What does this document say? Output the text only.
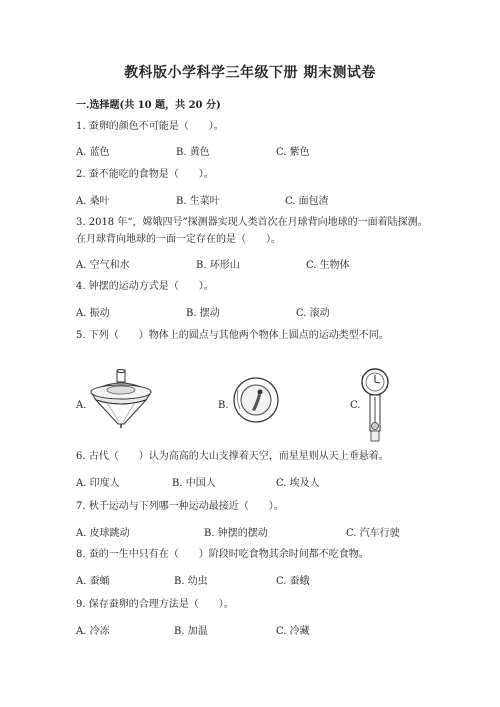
教科版小学科学三年级下册 期末测试卷
一.选择题(共 10 题，共 20 分)
1. 蚕卵的颜色不可能是（　　）。
A. 蓝色	B. 黄色	C. 紫色
2. 蚕不能吃的食物是（　　）。
A. 桑叶	B. 生菜叶	C. 面包渣
3. 2018 年“，嫦娥四号”探测器实现人类首次在月球背向地球的一面着陆探测。在月球背向地球的一面一定存在的是（　　）。
A. 空气和水	B. 环形山	C. 生物体
4. 钟摆的运动方式是（　　）。
A. 振动	B. 摆动	C. 滚动
5. 下列（　　）物体上的圆点与其他两个物体上圆点的运动类型不同。
A.	B.	C.
6. 古代（　　）认为高高的大山支撑着天空，而星星则从天上垂悬着。
A. 印度人	B. 中国人	C. 埃及人
7. 秋千运动与下列哪一种运动最接近（　　）。
A. 皮球跳动	B. 钟摆的摆动	C. 汽车行驶
8. 蚕的一生中只有在（　　）阶段时吃食物其余时间都不吃食物。
A. 蚕蛹	B. 幼虫	C. 蚕蛾
9. 保存蚕卵的合理方法是（　　）。
A. 冷冻	B. 加温	C. 冷藏
